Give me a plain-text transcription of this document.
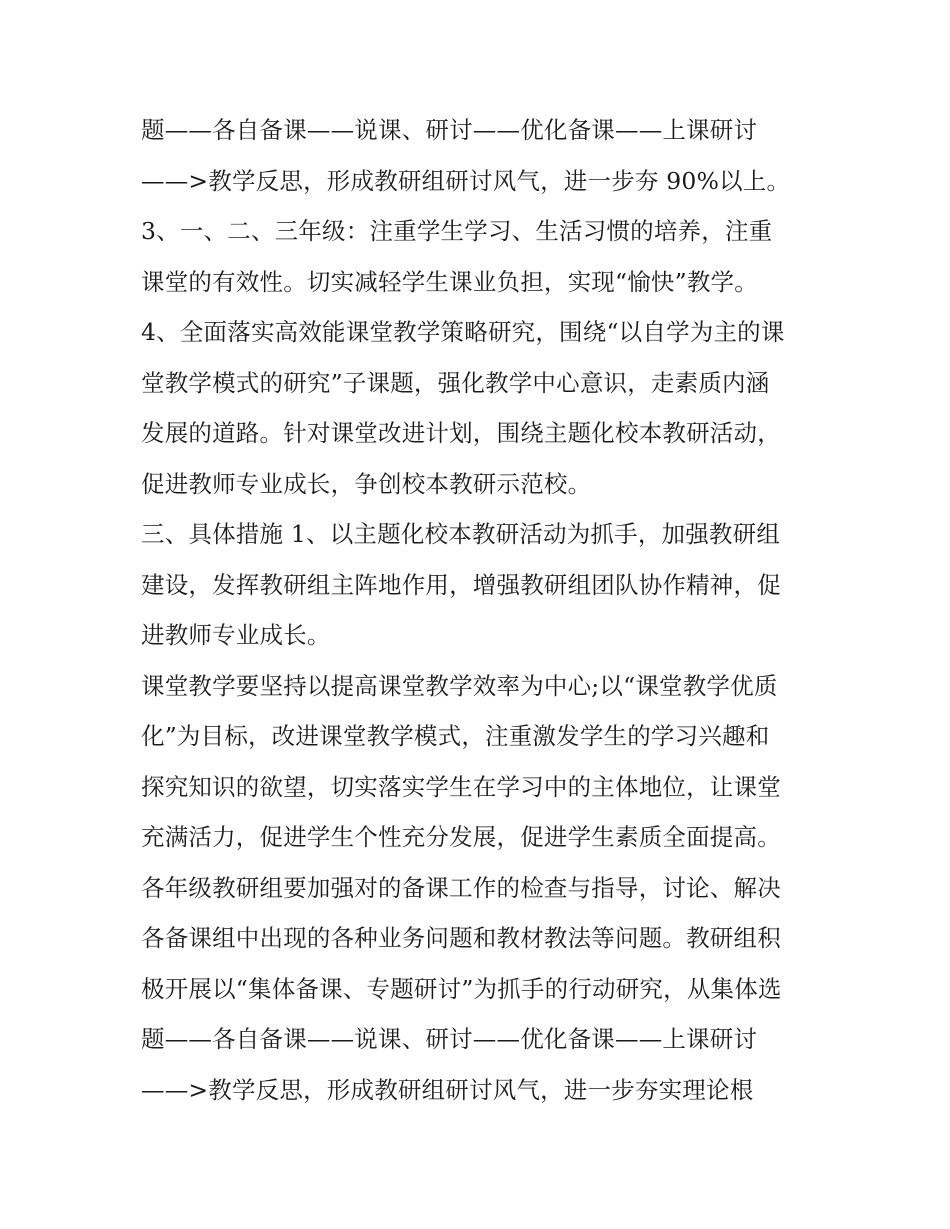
题——各自备课——说课、研讨——优化备课——上课研讨
——>教学反思，形成教研组研讨风气，进一步夯 90%以上。
3、一、二、三年级：注重学生学习、生活习惯的培养，注重
课堂的有效性。切实减轻学生课业负担，实现“愉快”教学。
4、全面落实高效能课堂教学策略研究，围绕“以自学为主的课
堂教学模式的研究”子课题，强化教学中心意识，走素质内涵
发展的道路。针对课堂改进计划，围绕主题化校本教研活动，
促进教师专业成长，争创校本教研示范校。
三、具体措施 1、以主题化校本教研活动为抓手，加强教研组
建设，发挥教研组主阵地作用，增强教研组团队协作精神，促
进教师专业成长。
课堂教学要坚持以提高课堂教学效率为中心;以“课堂教学优质
化”为目标，改进课堂教学模式，注重激发学生的学习兴趣和
探究知识的欲望，切实落实学生在学习中的主体地位，让课堂
充满活力，促进学生个性充分发展，促进学生素质全面提高。
各年级教研组要加强对的备课工作的检查与指导，讨论、解决
各备课组中出现的各种业务问题和教材教法等问题。教研组积
极开展以“集体备课、专题研讨”为抓手的行动研究，从集体选
题——各自备课——说课、研讨——优化备课——上课研讨
——>教学反思，形成教研组研讨风气，进一步夯实理论根
